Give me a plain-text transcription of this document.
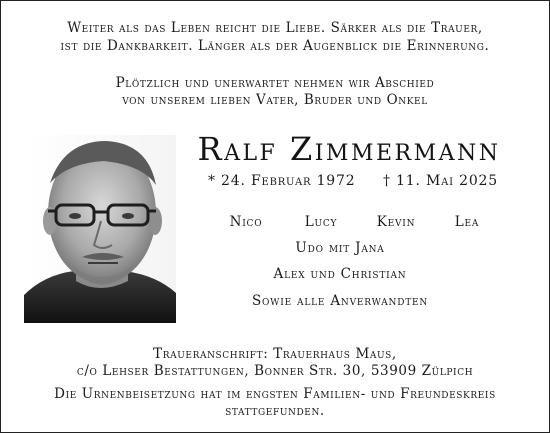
Weiter als das Leben reicht die Liebe. Särker als die Trauer,
ist die Dankbarkeit. Länger als der Augenblick die Erinnerung.
Plötzlich und unerwartet nehmen wir Abschied
von unserem lieben Vater, Bruder und Onkel
Ralf Zimmermann
* 24. Februar 1972 † 11. Mai 2025
Nico	Lucy	Kevin	Lea
Udo mit Jana
Alex und Christian
Sowie alle Anverwandten
Traueranschrift: Trauerhaus Maus,
c/o Lehser Bestattungen, Bonner Str. 30, 53909 Zülpich
Die Urnenbeisetzung hat im engsten Familien- und Freundeskreis
stattgefunden.
